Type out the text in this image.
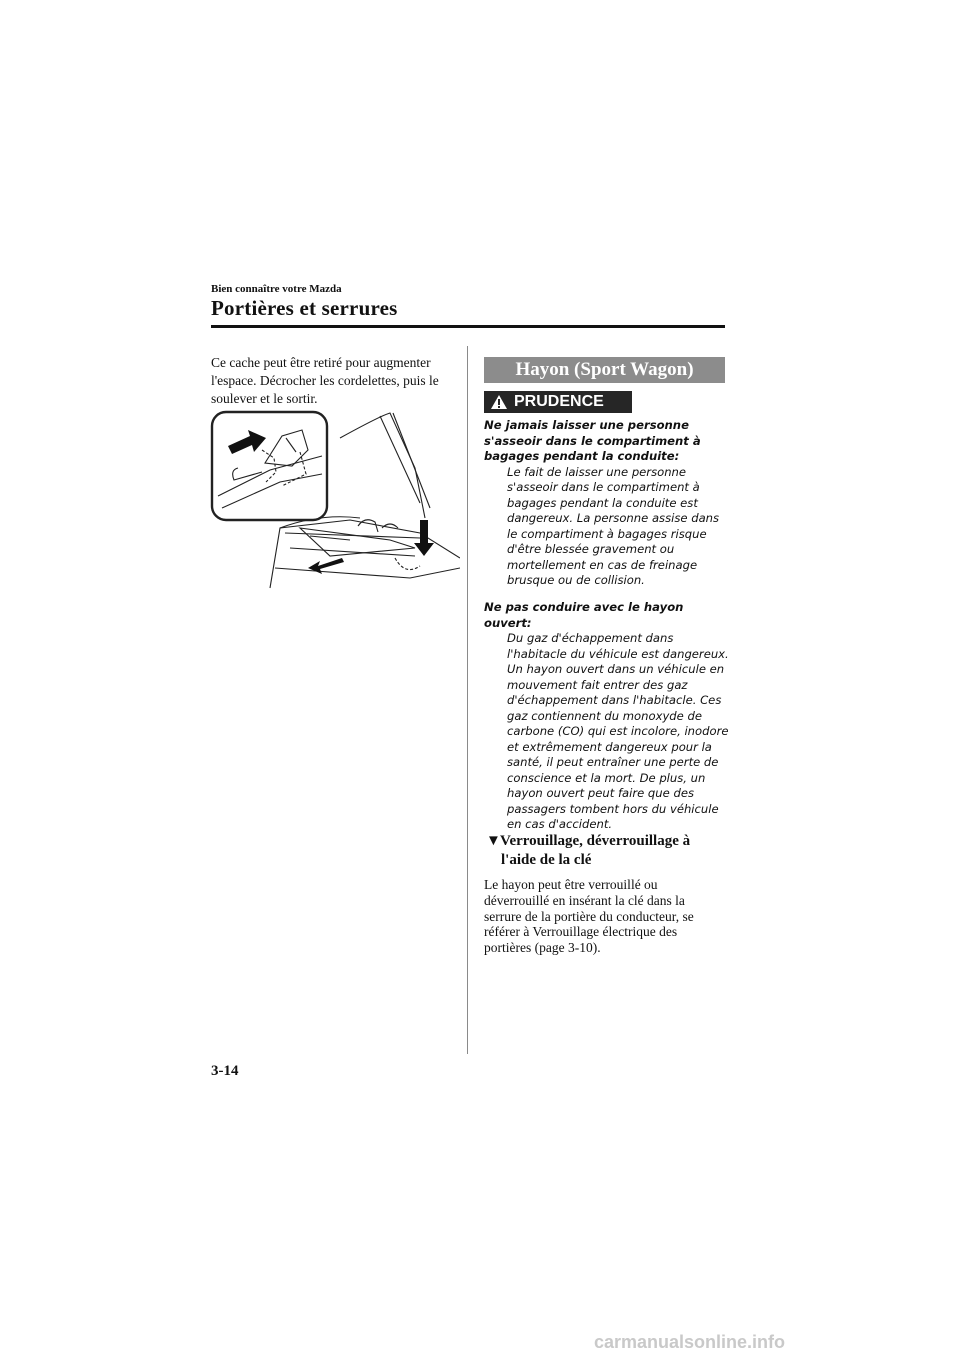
Bien connaître votre Mazda
Portières et serrures
Ce cache peut être retiré pour augmenter l'espace. Décrocher les cordelettes, puis le soulever et le sortir.
Hayon (Sport Wagon)
PRUDENCE
Ne jamais laisser une personne s'asseoir dans le compartiment à bagages pendant la conduite:
Le fait de laisser une personne s'asseoir dans le compartiment à bagages pendant la conduite est dangereux. La personne assise dans le compartiment à bagages risque d'être blessée gravement ou mortellement en cas de freinage brusque ou de collision.
Ne pas conduire avec le hayon ouvert:
Du gaz d'échappement dans l'habitacle du véhicule est dangereux. Un hayon ouvert dans un véhicule en mouvement fait entrer des gaz d'échappement dans l'habitacle. Ces gaz contiennent du monoxyde de carbone (CO) qui est incolore, inodore et extrêmement dangereux pour la santé, il peut entraîner une perte de conscience et la mort. De plus, un hayon ouvert peut faire que des passagers tombent hors du véhicule en cas d'accident.
▼Verrouillage, déverrouillage à
l'aide de la clé
Le hayon peut être verrouillé ou déverrouillé en insérant la clé dans la serrure de la portière du conducteur, se référer à Verrouillage électrique des portières (page 3-10).
3-14
carmanualsonline.info
